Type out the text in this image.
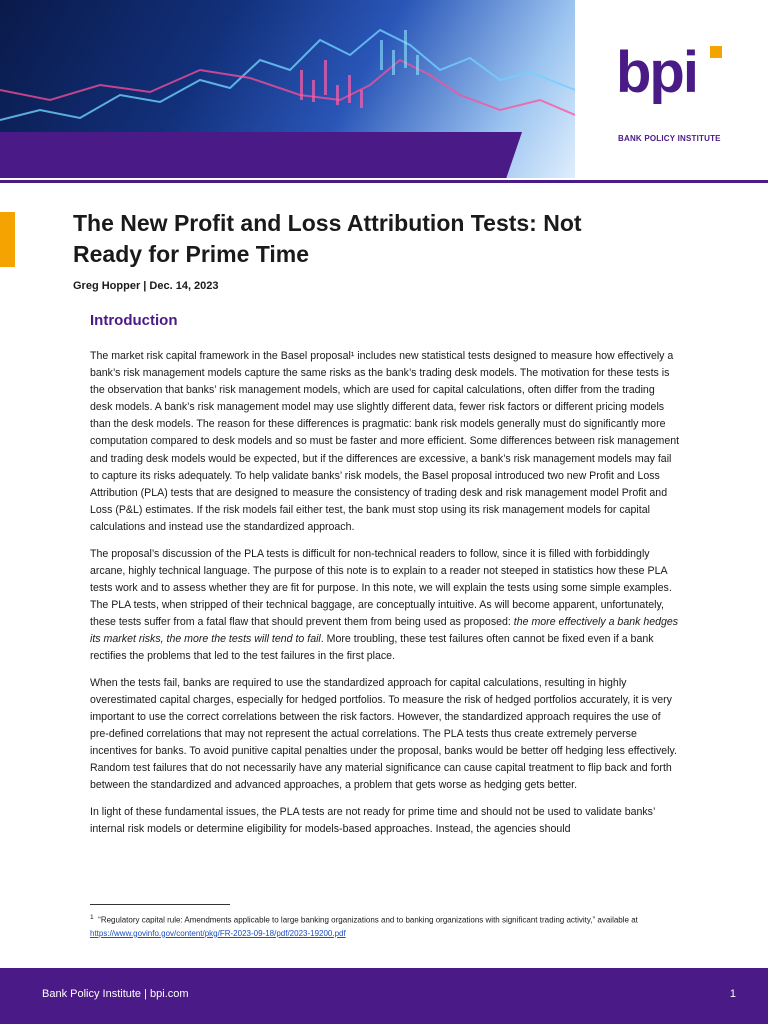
bpi
BANK POLICY INSTITUTE
The New Profit and Loss Attribution Tests: Not Ready for Prime Time

Greg Hopper | Dec. 14, 2023

Introduction

The market risk capital framework in the Basel proposal¹ includes new statistical tests designed to measure how effectively a bank’s risk management models capture the same risks as the bank’s trading desk models. The motivation for these tests is the observation that banks’ risk management models, which are used for capital calculations, often differ from the trading desk models. A bank’s risk management model may use slightly different data, fewer risk factors or different pricing models than the desk models. The reason for these differences is pragmatic: bank risk models generally must do significantly more computation compared to desk models and so must be faster and more efficient. Some differences between risk management and trading desk models would be expected, but if the differences are excessive, a bank’s risk management models may fail to capture its risks adequately. To help validate banks’ risk models, the Basel proposal introduced two new Profit and Loss Attribution (PLA) tests that are designed to measure the consistency of trading desk and risk management model Profit and Loss (P&L) estimates. If the risk models fail either test, the bank must stop using its risk management models for capital calculations and instead use the standardized approach.

The proposal’s discussion of the PLA tests is difficult for non-technical readers to follow, since it is filled with forbiddingly arcane, highly technical language. The purpose of this note is to explain to a reader not steeped in statistics how these PLA tests work and to assess whether they are fit for purpose. In this note, we will explain the tests using some simple examples. The PLA tests, when stripped of their technical baggage, are conceptually intuitive. As will become apparent, unfortunately, these tests suffer from a fatal flaw that should prevent them from being used as proposed: the more effectively a bank hedges its market risks, the more the tests will tend to fail. More troubling, these test failures often cannot be fixed even if a bank rectifies the problems that led to the test failures in the first place.

When the tests fail, banks are required to use the standardized approach for capital calculations, resulting in highly overestimated capital charges, especially for hedged portfolios. To measure the risk of hedged portfolios accurately, it is very important to use the correct correlations between the risk factors. However, the standardized approach requires the use of pre-defined correlations that may not represent the actual correlations. The PLA tests thus create extremely perverse incentives for banks. To avoid punitive capital penalties under the proposal, banks would be better off hedging less effectively. Random test failures that do not necessarily have any material significance can cause capital treatment to flip back and forth between the standardized and advanced approaches, a problem that gets worse as hedging gets better.

In light of these fundamental issues, the PLA tests are not ready for prime time and should not be used to validate banks’ internal risk models or determine eligibility for models-based approaches. Instead, the agencies should

$^1$ “Regulatory capital rule: Amendments applicable to large banking organizations and to banking organizations with significant trading activity,” available at https://www.govinfo.gov/content/pkg/FR-2023-09-18/pdf/2023-19200.pdf

Bank Policy Institute | bpi.com	1
